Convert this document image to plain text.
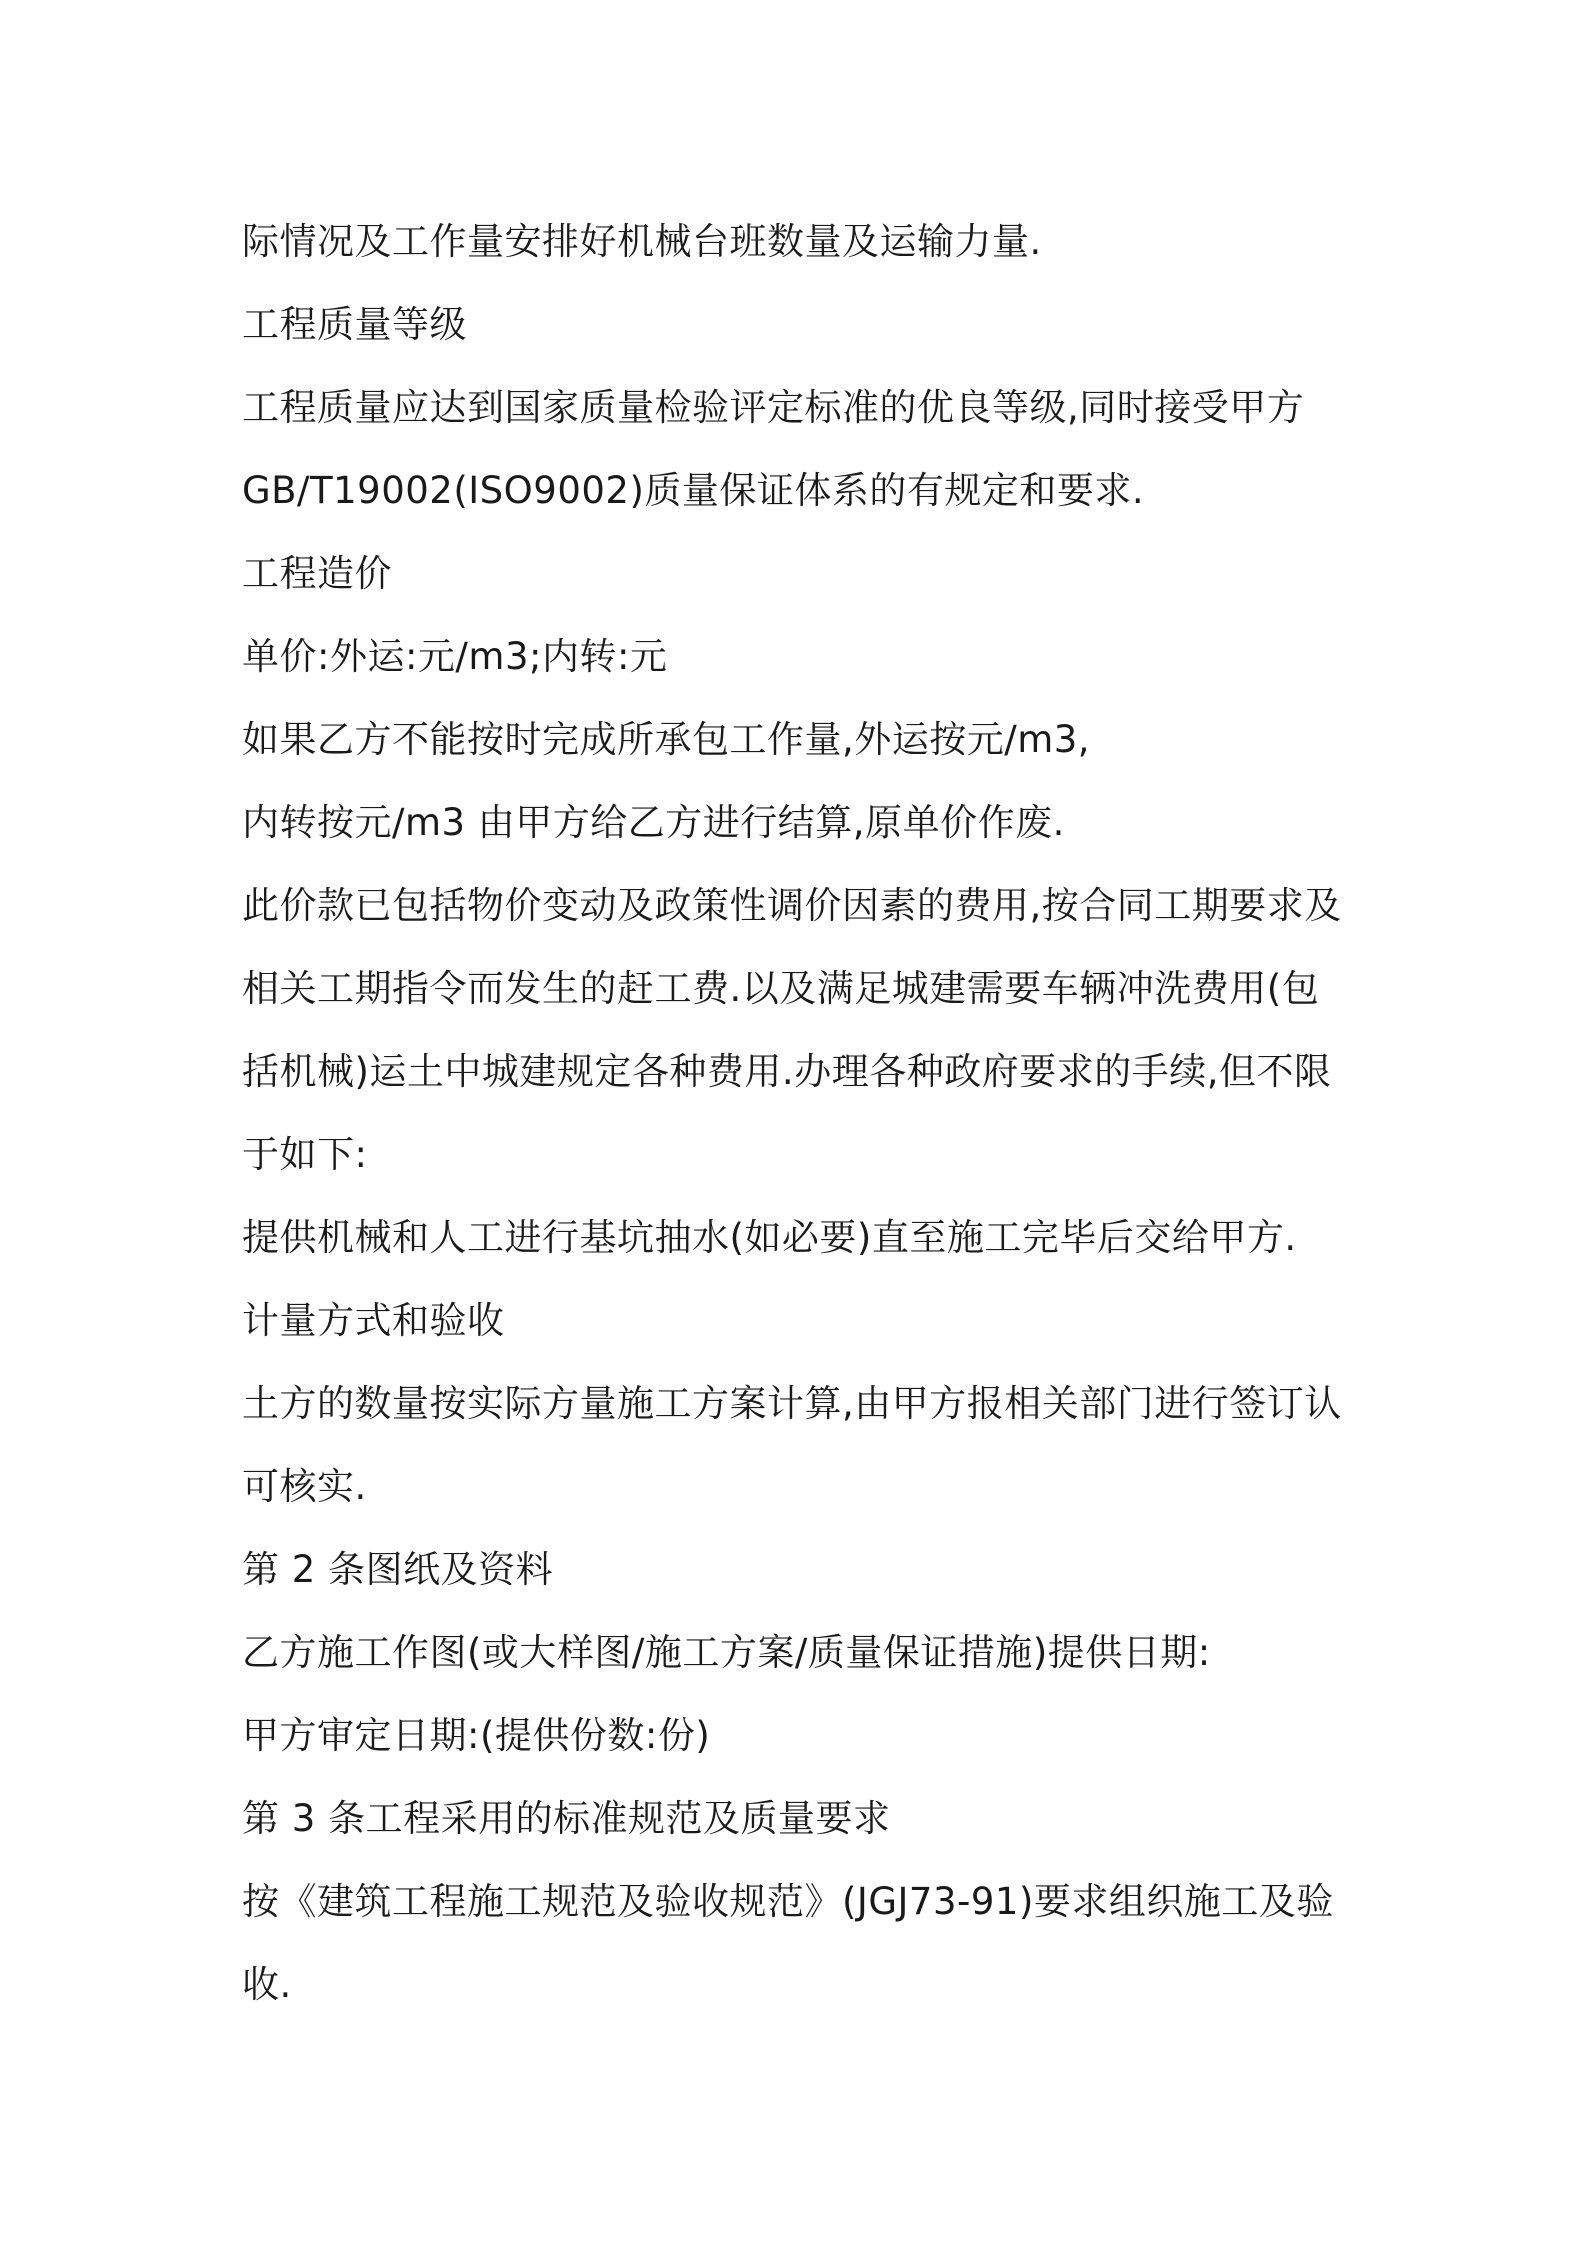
际情况及工作量安排好机械台班数量及运输力量.
工程质量等级
工程质量应达到国家质量检验评定标准的优良等级,同时接受甲方
GB/T19002(ISO9002)质量保证体系的有规定和要求.
工程造价
单价:外运:元/m3;内转:元
如果乙方不能按时完成所承包工作量,外运按元/m3,
内转按元/m3 由甲方给乙方进行结算,原单价作废.
此价款已包括物价变动及政策性调价因素的费用,按合同工期要求及
相关工期指令而发生的赶工费.以及满足城建需要车辆冲洗费用(包
括机械)运土中城建规定各种费用.办理各种政府要求的手续,但不限
于如下:
提供机械和人工进行基坑抽水(如必要)直至施工完毕后交给甲方.
计量方式和验收
土方的数量按实际方量施工方案计算,由甲方报相关部门进行签订认
可核实.
第 2 条图纸及资料
乙方施工作图(或大样图/施工方案/质量保证措施)提供日期:
甲方审定日期:(提供份数:份)
第 3 条工程采用的标准规范及质量要求
按《建筑工程施工规范及验收规范》(JGJ73-91)要求组织施工及验
收.
